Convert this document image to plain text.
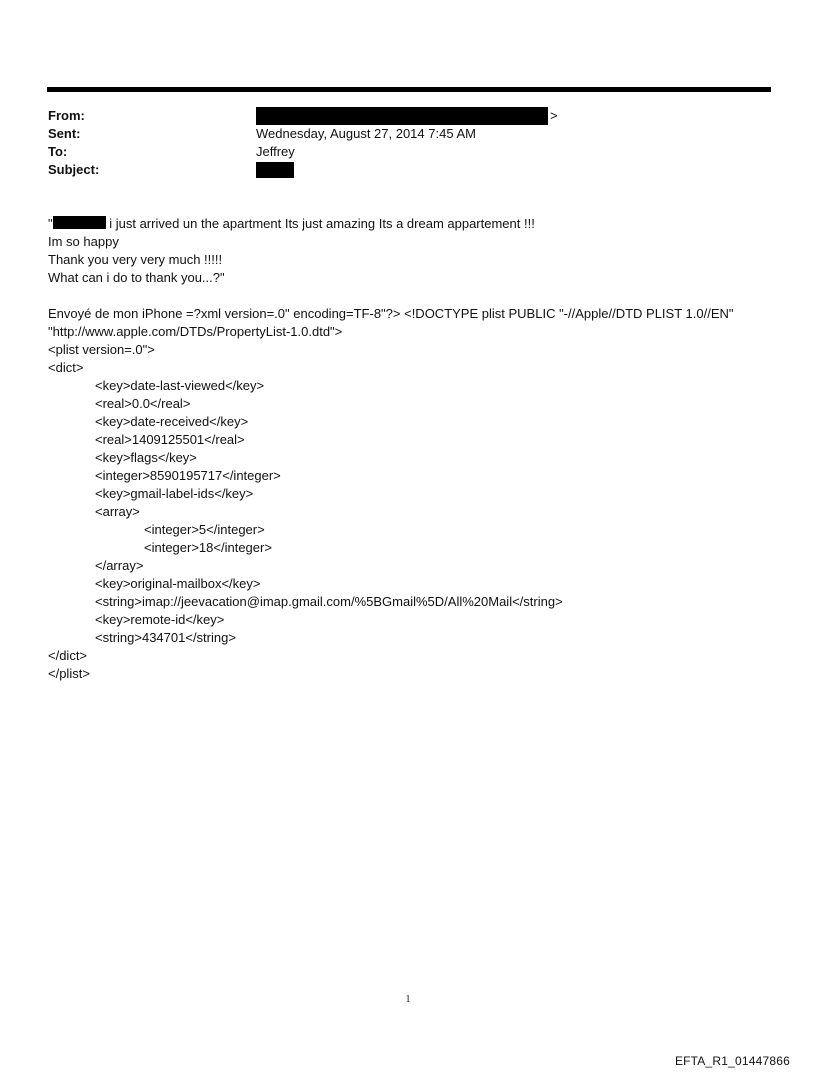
From:	>
Sent:	Wednesday, August 27, 2014 7:45 AM
To:	Jeffrey
Subject:
"	i just arrived un the apartment Its just amazing Its a dream appartement !!!
Im so happy
Thank you very very much !!!!!
What can i do to thank you...?"
Envoyé de mon iPhone =?xml version=.0" encoding=TF-8"?> <!DOCTYPE plist PUBLIC "-//Apple//DTD PLIST 1.0//EN"
"http://www.apple.com/DTDs/PropertyList-1.0.dtd">
<plist version=.0">
<dict>
<key>date-last-viewed</key>
<real>0.0</real>
<key>date-received</key>
<real>1409125501</real>
<key>flags</key>
<integer>8590195717</integer>
<key>gmail-label-ids</key>
<array>
<integer>5</integer>
<integer>18</integer>
</array>
<key>original-mailbox</key>
<string>imap://jeevacation@imap.gmail.com/%5BGmail%5D/All%20Mail</string>
<key>remote-id</key>
<string>434701</string>
</dict>
</plist>
1
EFTA_R1_01447866
